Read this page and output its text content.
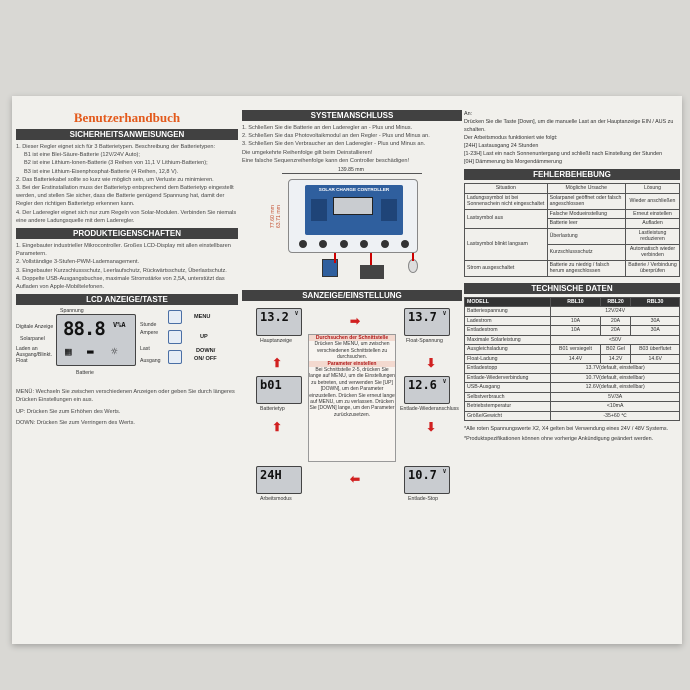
Benutzerhandbuch
SICHERHEITSANWEISUNGEN

1. Dieser Regler eignet sich für 3 Batterietypen. Beschreibung der Batterietypen:

B1 ist eine Blei-Säure-Batterie (12V/24V Auto);

B2 ist eine Lithium-Ionen-Batterie (3 Reihen von 11,1 V Lithium-Batterien);

B3 ist eine Lithium-Eisenphosphat-Batterie (4 Reihen, 12,8 V).

2. Das Batteriekabel sollte so kurz wie möglich sein, um Verluste zu minimieren.

3. Bei der Erstinstallation muss der Batterietyp entsprechend dem Batterietyp eingestellt werden, und stellen Sie sicher, dass die Batterie genügend Spannung hat, damit der Regler den richtigen Batterietyp erkennen kann.

4. Der Laderegler eignet sich nur zum Regeln von Solar-Modulen. Verbinden Sie niemals eine andere Ladungsquelle mit dem Laderegler.

PRODUKTEIGENSCHAFTEN

1. Eingebauter industrieller Mikrocontroller. Großes LCD-Display mit allen einstellbaren Parametern.

2. Vollständige 3-Stufen-PWM-Lademanagement.

3. Eingebauter Kurzschlussschutz, Leerlaufschutz, Rückwärtsschutz, Überlastschutz.

4. Doppelte USB-Ausgangsbuchse, maximale Stromstärke von 2,5A, unterstützt das Aufladen von Apple-Mobiltelefonen.

LCD ANZEIGE/TASTE
88.8 V%A
▦ ▬ ☼
Spannung
Digitale Anzeige
Solarpanel
Laden an Ausgang/Blinkt. Float
Batterie
Stunde
Ampere
Last
Ausgang
MENU
UP
DOWN/
ON/ OFF

MENÜ: Wechseln Sie zwischen verschiedenen Anzeigen oder geben Sie durch längeres Drücken Einstellungen ein aus.

UP: Drücken Sie zum Erhöhen des Werts.

DOWN: Drücken Sie zum Verringern des Werts.

SYSTEMANSCHLUSS

1. Schließen Sie die Batterie an den Laderegler an - Plus und Minus.

2. Schließen Sie das Photovoltaikmodul an den Regler - Plus und Minus an.

3. Schließen Sie den Verbraucher an den Laderegler - Plus und Minus an.

Die umgekehrte Reihenfolge gilt beim Deinstallieren!

Eine falsche Sequenzreihenfolge kann den Controller beschädigen!

139.85 mm
77.60 mm 63.71 mm
SOLAR CHARGE CONTROLLER
SANZEIGE/EINSTELLUNG
13.2 V
Hauptanzeige
13.7 V
Float-Spannung
➡
⬇
⬆
b01
Batterietyp
12.6 V
Entlade-Wiederanschluss
⬆	⬇
24H
Arbeitsmodus
10.7 V
Entlade-Stop
⬅
Durchsuchen der Schnittstelle
Drücken Sie MENU, um zwischen verschiedenen Schnittstellen zu durchsuchen.
Parameter einstellen
Bei Schnittstelle 2-5, drücken Sie lange auf MENU, um die Einstellungen zu betreten, und verwenden Sie [UP] [DOWN], um den Parameter einzustellen. Drücken Sie erneut lange auf MENU, um zu verlassen. Drücken Sie [DOWN] lange, um den Parameter zurückzusetzen.

An:

Drücken Sie die Taste [Down], um die manuelle Last an der Hauptanzeige EIN / AUS zu schalten.

Der Arbeitsmodus funktioniert wie folgt:

[24H] Lastausgang 24 Stunden

[1-23H] Last ein nach Sonnenuntergang und schließt nach Einstellung der Stunden

[0H] Dämmerung bis Morgendämmerung

FEHLERBEHEBUNG
Situation	Mögliche Ursache	Lösung
Ladungssymbol ist bei Sonnenschein nicht eingeschaltet	Solarpanel geöffnet oder falsch angeschlossen	Wieder anschließen
Lastsymbol aus	Falsche Modueinstellung	Erneut einstellen
	Batterie leer	Aufladen
Lastsymbol blinkt langsam	Überlastung	Lastleistung reduzieren
	Kurzschlussschutz	Automatisch wieder verbinden
Strom ausgeschaltet	Batterie zu niedrig / falsch herum angeschlossen	Batterie / Verbindung überprüfen
TECHNISCHE DATEN
MODELL	RBL10	RBL20	RBL30
Batteriespannung	12V/24V		
Ladestrom	10A	20A	30A
Entladestrom	10A	20A	30A
Maximale Solarleistung	<50V		
Ausgleichsladung	B01 versiegelt	B02 Gel	B03 überflutet
Float-Ladung	14.4V	14.2V	14.6V
Entladestopp	13.7V(default, einstellbar)		
Entlade-Wiederverbindung	10.7V(default, einstellbar)		
USB-Ausgang	12.6V(default, einstellbar)		
Selbstverbrauch	5V/3A		
Betriebstemperatur	<10mA		
Größe/Gewicht	-35+60 ℃		

*Alle roten Spannungswerte X2, X4 gelten bei Verwendung eines 24V / 48V Systems.

*Produktspezifikationen können ohne vorherige Ankündigung geändert werden.
